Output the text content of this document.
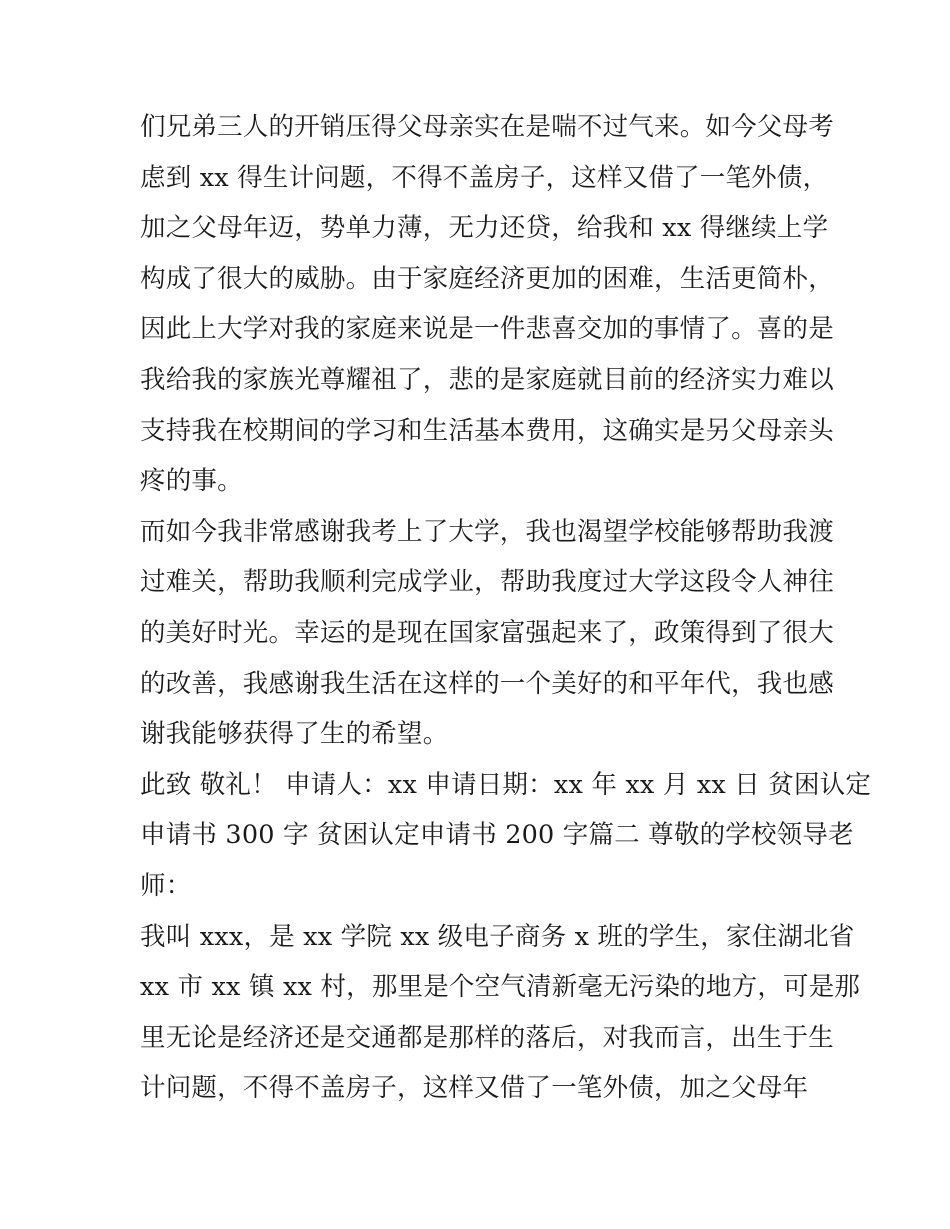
们兄弟三人的开销压得父母亲实在是喘不过气来。如今父母考
虑到 xx 得生计问题，不得不盖房子，这样又借了一笔外债，
加之父母年迈，势单力薄，无力还贷，给我和 xx 得继续上学
构成了很大的威胁。由于家庭经济更加的困难，生活更简朴，
因此上大学对我的家庭来说是一件悲喜交加的事情了。喜的是
我给我的家族光尊耀祖了，悲的是家庭就目前的经济实力难以
支持我在校期间的学习和生活基本费用，这确实是另父母亲头
疼的事。
而如今我非常感谢我考上了大学，我也渴望学校能够帮助我渡
过难关，帮助我顺利完成学业，帮助我度过大学这段令人神往
的美好时光。幸运的是现在国家富强起来了，政策得到了很大
的改善，我感谢我生活在这样的一个美好的和平年代，我也感
谢我能够获得了生的希望。
此致 敬礼！ 申请人：xx 申请日期：xx 年 xx 月 xx 日 贫困认定
申请书 300 字 贫困认定申请书 200 字篇二 尊敬的学校领导老
师：
我叫 xxx，是 xx 学院 xx 级电子商务 x 班的学生，家住湖北省
xx 市 xx 镇 xx 村，那里是个空气清新毫无污染的地方，可是那
里无论是经济还是交通都是那样的落后，对我而言，出生于生
计问题，不得不盖房子，这样又借了一笔外债，加之父母年
